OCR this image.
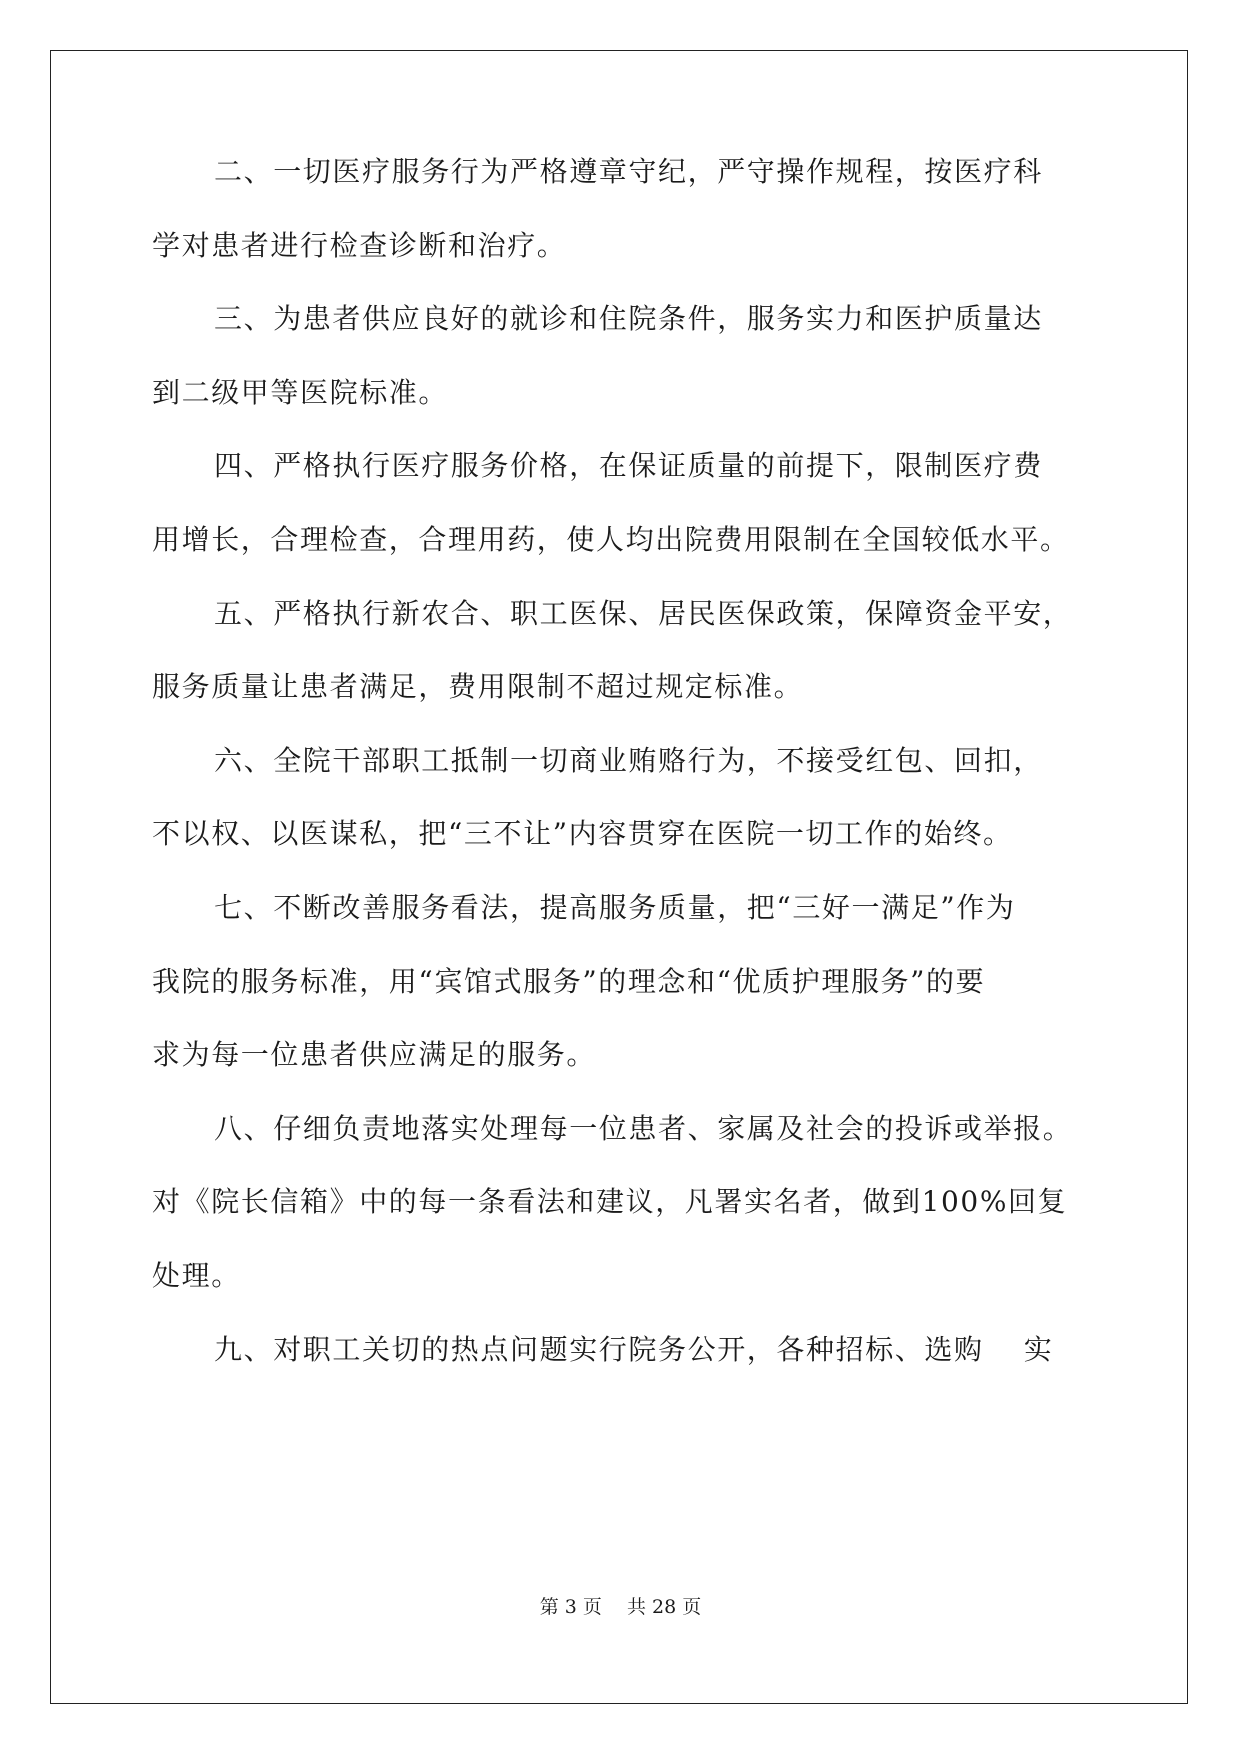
二、一切医疗服务行为严格遵章守纪，严守操作规程，按医疗科
学对患者进行检查诊断和治疗。
三、为患者供应良好的就诊和住院条件，服务实力和医护质量达
到二级甲等医院标准。
四、严格执行医疗服务价格，在保证质量的前提下，限制医疗费
用增长，合理检查，合理用药，使人均出院费用限制在全国较低水平。
五、严格执行新农合、职工医保、居民医保政策，保障资金平安，
服务质量让患者满足，费用限制不超过规定标准。
六、全院干部职工抵制一切商业贿赂行为，不接受红包、回扣，
不以权、以医谋私，把“三不让”内容贯穿在医院一切工作的始终。
七、不断改善服务看法，提高服务质量，把“三好一满足”作为
我院的服务标准，用“宾馆式服务”的理念和“优质护理服务”的要
求为每一位患者供应满足的服务。
八、仔细负责地落实处理每一位患者、家属及社会的投诉或举报。
对《院长信箱》中的每一条看法和建议，凡署实名者，做到100%回复
处理。
九、对职工关切的热点问题实行院务公开，各种招标、选购　 实
第 3 页　 共 28 页
